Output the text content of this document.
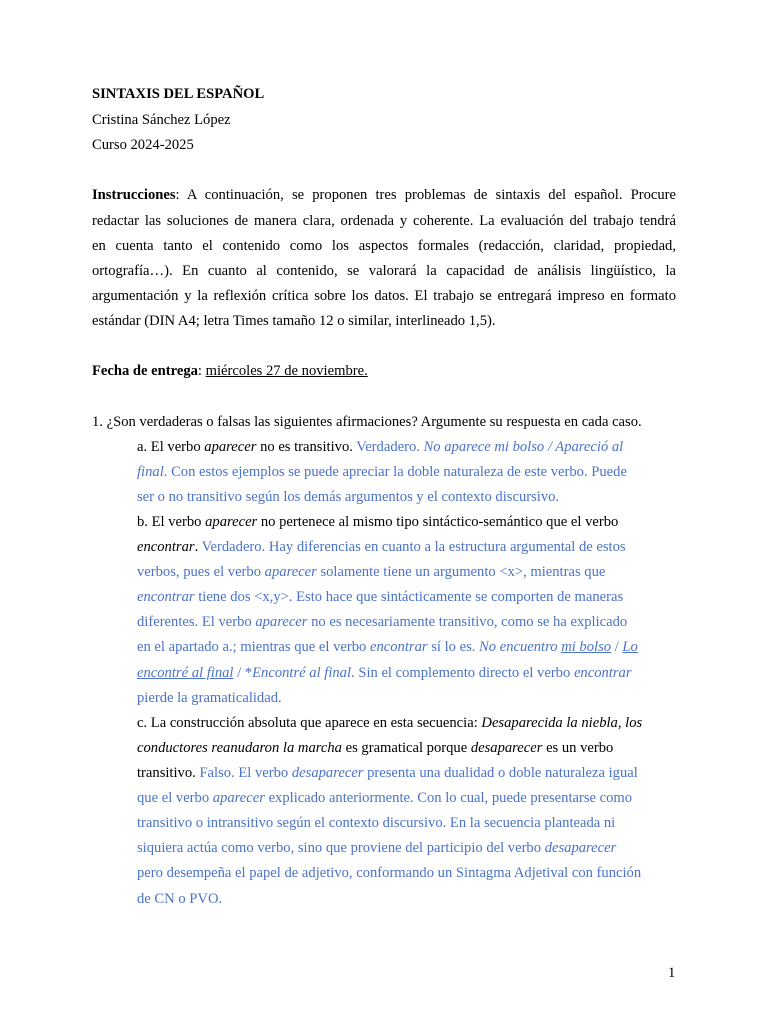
SINTAXIS DEL ESPAÑOL
Cristina Sánchez López
Curso 2024-2025
Instrucciones: A continuación, se proponen tres problemas de sintaxis del español. Procure
redactar las soluciones de manera clara, ordenada y coherente. La evaluación del trabajo tendrá
en cuenta tanto el contenido como los aspectos formales (redacción, claridad, propiedad,
ortografía…). En cuanto al contenido, se valorará la capacidad de análisis lingüístico, la
argumentación y la reflexión crítica sobre los datos. El trabajo se entregará impreso en formato
estándar (DIN A4; letra Times tamaño 12 o similar, interlineado 1,5).
Fecha de entrega: miércoles 27 de noviembre.
1. ¿Son verdaderas o falsas las siguientes afirmaciones? Argumente su respuesta en cada caso.
a. El verbo aparecer no es transitivo. Verdadero. No aparece mi bolso / Apareció al
final. Con estos ejemplos se puede apreciar la doble naturaleza de este verbo. Puede
ser o no transitivo según los demás argumentos y el contexto discursivo.
b. El verbo aparecer no pertenece al mismo tipo sintáctico-semántico que el verbo
encontrar. Verdadero. Hay diferencias en cuanto a la estructura argumental de estos
verbos, pues el verbo aparecer solamente tiene un argumento <x>, mientras que
encontrar tiene dos <x,y>. Esto hace que sintácticamente se comporten de maneras
diferentes. El verbo aparecer no es necesariamente transitivo, como se ha explicado
en el apartado a.; mientras que el verbo encontrar sí lo es. No encuentro mi bolso / Lo
encontré al final / *Encontré al final. Sin el complemento directo el verbo encontrar
pierde la gramaticalidad.
c. La construcción absoluta que aparece en esta secuencia: Desaparecida la niebla, los
conductores reanudaron la marcha es gramatical porque desaparecer es un verbo
transitivo. Falso. El verbo desaparecer presenta una dualidad o doble naturaleza igual
que el verbo aparecer explicado anteriormente. Con lo cual, puede presentarse como
transitivo o intransitivo según el contexto discursivo. En la secuencia planteada ni
siquiera actúa como verbo, sino que proviene del participio del verbo desaparecer
pero desempeña el papel de adjetivo, conformando un Sintagma Adjetival con función
de CN o PVO.
1
